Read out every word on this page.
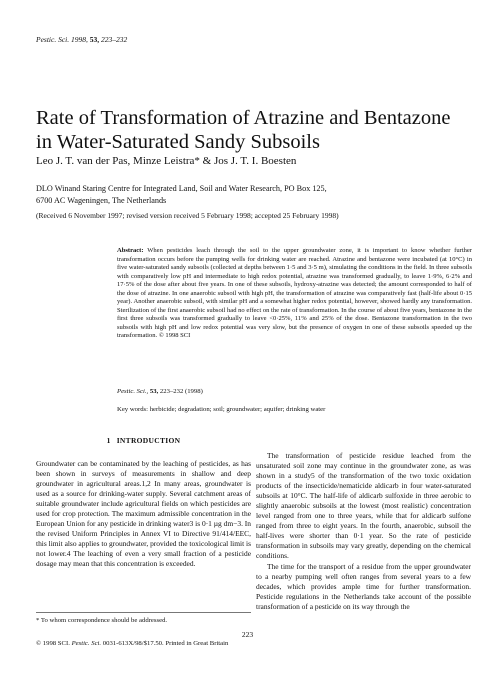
Pestic. Sci. 1998, 53, 223–232
Rate of Transformation of Atrazine and Bentazone in Water-Saturated Sandy Subsoils
Leo J. T. van der Pas, Minze Leistra* & Jos J. T. I. Boesten
DLO Winand Staring Centre for Integrated Land, Soil and Water Research, PO Box 125,
6700 AC Wageningen, The Netherlands
(Received 6 November 1997; revised version received 5 February 1998; accepted 25 February 1998)

Abstract: When pesticides leach through the soil to the upper groundwater zone, it is important to know whether further transformation occurs before the pumping wells for drinking water are reached. Atrazine and bentazone were incubated (at 10°C) in five water-saturated sandy subsoils (collected at depths between 1·5 and 3·5 m), simulating the conditions in the field. In three subsoils with comparatively low pH and intermediate to high redox potential, atrazine was transformed gradually, to leave 1·9%, 6·2% and 17·5% of the dose after about five years. In one of these subsoils, hydroxy-atrazine was detected; the amount corresponded to half of the dose of atrazine. In one anaerobic subsoil with high pH, the transformation of atrazine was comparatively fast (half-life about 0·15 year). Another anaerobic subsoil, with similar pH and a somewhat higher redox potential, however, showed hardly any transformation. Sterilization of the first anaerobic subsoil had no effect on the rate of transformation. In the course of about five years, bentazone in the first three subsoils was transformed gradually to leave <0·25%, 11% and 25% of the dose. Bentazone transformation in the two subsoils with high pH and low redox potential was very slow, but the presence of oxygen in one of these subsoils speeded up the transformation. © 1998 SCI

Pestic. Sci., 53, 223–232 (1998)
Key words: herbicide; degradation; soil; groundwater; aquifer; drinking water
1 INTRODUCTION

Groundwater can be contaminated by the leaching of pesticides, as has been shown in surveys of measurements in shallow and deep groundwater in agricultural areas.1,2 In many areas, groundwater is used as a source for drinking-water supply. Several catchment areas of suitable groundwater include agricultural fields on which pesticides are used for crop protection. The maximum admissible concentration in the European Union for any pesticide in drinking water3 is 0·1 µg dm−3. In the revised Uniform Principles in Annex VI to Directive 91/414/EEC, this limit also applies to groundwater, provided the toxicological limit is not lower.4 The leaching of even a very small fraction of a pesticide dosage may mean that this concentration is exceeded.

The transformation of pesticide residue leached from the unsaturated soil zone may continue in the groundwater zone, as was shown in a study5 of the transformation of the two toxic oxidation products of the insecticide/nematicide aldicarb in four water-saturated subsoils at 10°C. The half-life of aldicarb sulfoxide in three aerobic to slightly anaerobic subsoils at the lowest (most realistic) concentration level ranged from one to three years, while that for aldicarb sulfone ranged from three to eight years. In the fourth, anaerobic, subsoil the half-lives were shorter than 0·1 year. So the rate of pesticide transformation in subsoils may vary greatly, depending on the chemical conditions.

The time for the transport of a residue from the upper groundwater to a nearby pumping well often ranges from several years to a few decades, which provides ample time for further transformation. Pesticide regulations in the Netherlands take account of the possible transformation of a pesticide on its way through the

* To whom correspondence should be addressed.
223
© 1998 SCI. Pestic. Sci. 0031-613X/98/$17.50. Printed in Great Britain
